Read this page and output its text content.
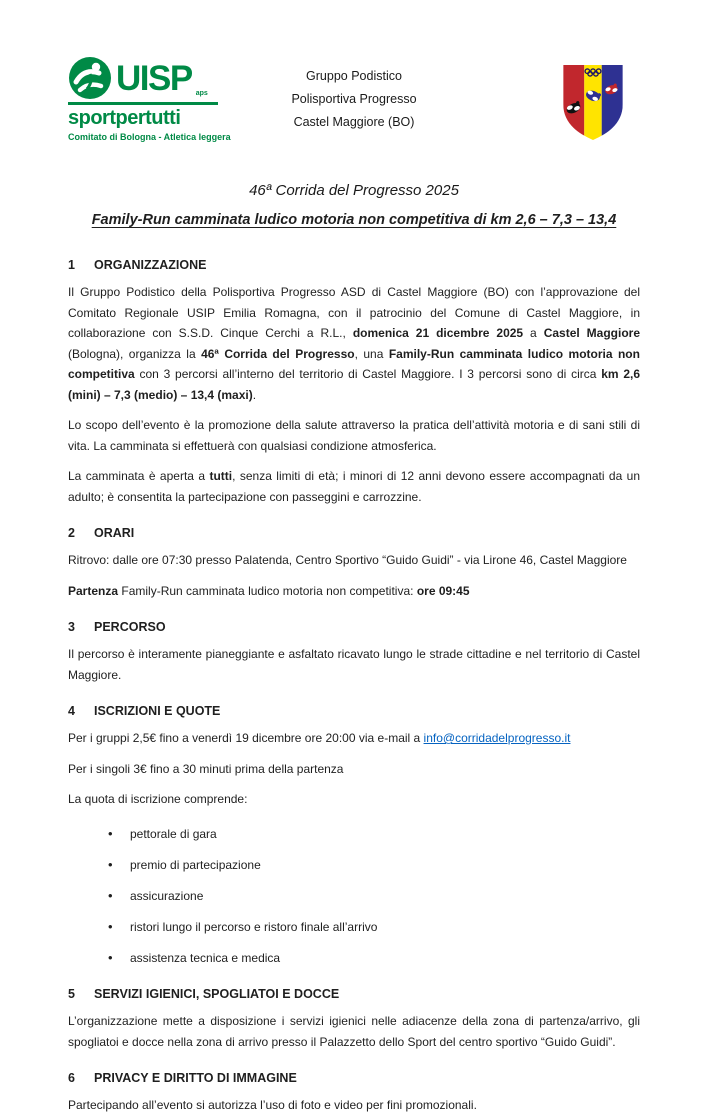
UISP aps
sportpertutti
Comitato di Bologna - Atletica leggera
Gruppo Podistico
Polisportiva Progresso
Castel Maggiore (BO)
46ª Corrida del Progresso 2025
Family-Run camminata ludico motoria non competitiva di km 2,6 – 7,3 – 13,4
1	ORGANIZZAZIONE

Il Gruppo Podistico della Polisportiva Progresso ASD di Castel Maggiore (BO) con l’approvazione del Comitato Regionale USIP Emilia Romagna, con il patrocinio del Comune di Castel Maggiore, in collaborazione con S.S.D. Cinque Cerchi a R.L., domenica 21 dicembre 2025 a Castel Maggiore (Bologna), organizza la 46ª Corrida del Progresso, una Family-Run camminata ludico motoria non competitiva con 3 percorsi all’interno del territorio di Castel Maggiore. I 3 percorsi sono di circa km 2,6 (mini) – 7,3 (medio) – 13,4 (maxi).

Lo scopo dell’evento è la promozione della salute attraverso la pratica dell’attività motoria e di sani stili di vita. La camminata si effettuerà con qualsiasi condizione atmosferica.

La camminata è aperta a tutti, senza limiti di età; i minori di 12 anni devono essere accompagnati da un adulto; è consentita la partecipazione con passeggini e carrozzine.

2	ORARI

Ritrovo: dalle ore 07:30 presso Palatenda, Centro Sportivo “Guido Guidi” - via Lirone 46, Castel Maggiore

Partenza Family-Run camminata ludico motoria non competitiva: ore 09:45

3	PERCORSO

Il percorso è interamente pianeggiante e asfaltato ricavato lungo le strade cittadine e nel territorio di Castel Maggiore.

4	ISCRIZIONI E QUOTE

Per i gruppi 2,5€ fino a venerdì 19 dicembre ore 20:00 via e-mail a info@corridadelprogresso.it

Per i singoli 3€ fino a 30 minuti prima della partenza

La quota di iscrizione comprende:

• pettorale di gara
• premio di partecipazione
• assicurazione
• ristori lungo il percorso e ristoro finale all’arrivo
• assistenza tecnica e medica
5	SERVIZI IGIENICI, SPOGLIATOI E DOCCE

L’organizzazione mette a disposizione i servizi igienici nelle adiacenze della zona di partenza/arrivo, gli spogliatoi e docce nella zona di arrivo presso il Palazzetto dello Sport del centro sportivo “Guido Guidi”.

6	PRIVACY E DIRITTO DI IMMAGINE

Partecipando all’evento si autorizza l’uso di foto e video per fini promozionali.
